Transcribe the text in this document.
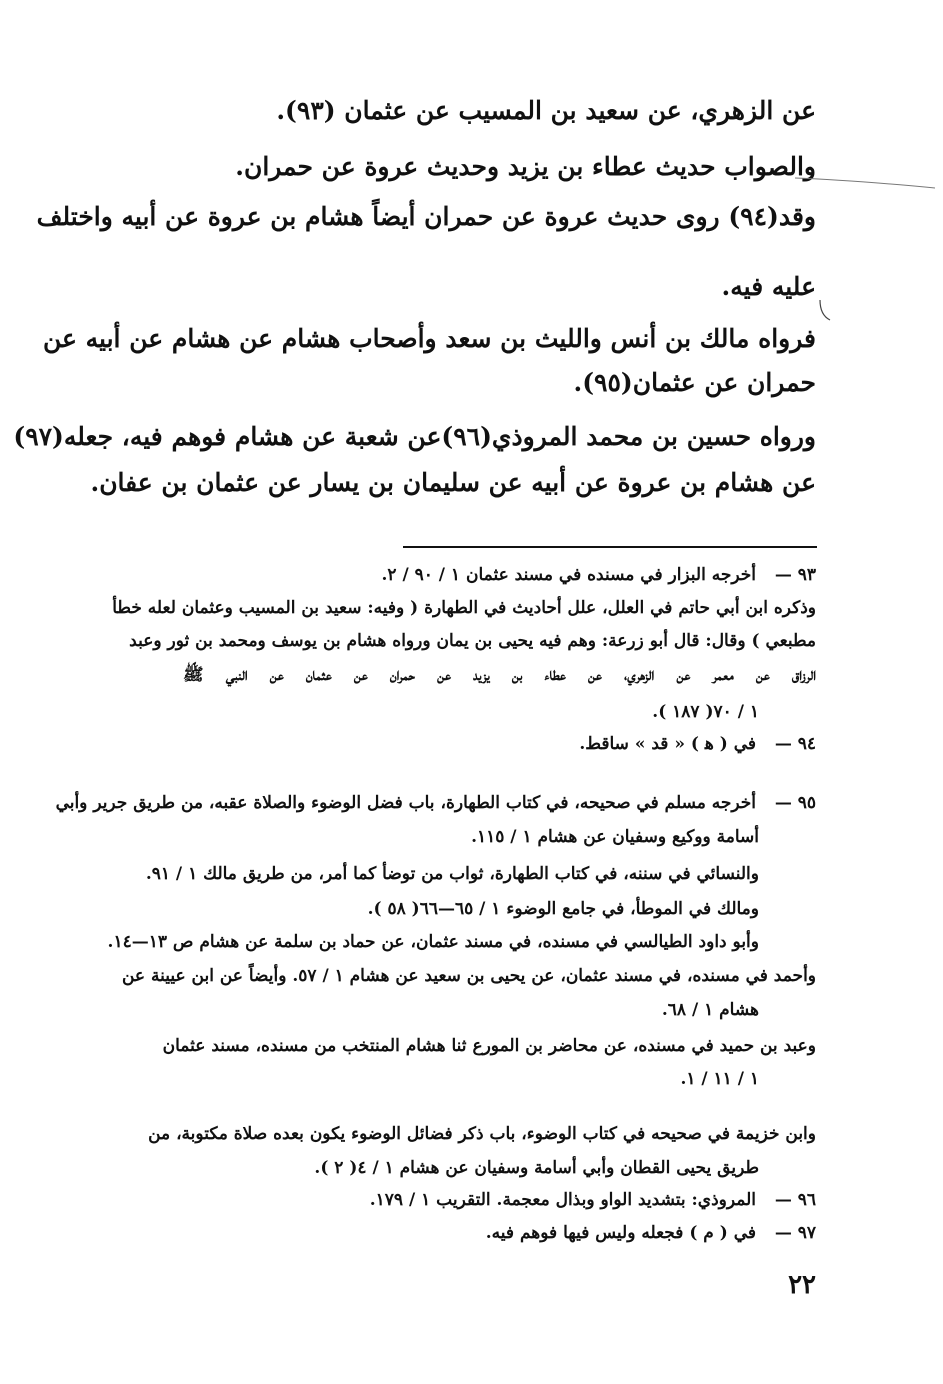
عن الزهري، عن سعيد بن المسيب عن عثمان (٩٣).
والصواب حديث عطاء بن يزيد وحديث عروة عن حمران.
وقد(٩٤) روى حديث عروة عن حمران أيضاً هشام بن عروة عن أبيه واختلف
عليه فيه.
فرواه مالك بن أنس والليث بن سعد وأصحاب هشام عن هشام عن أبيه عن
حمران عن عثمان(٩٥).
ورواه حسين بن محمد المروذي(٩٦)عن شعبة عن هشام فوهم فيه، جعله(٩٧)
عن هشام بن عروة عن أبيه عن سليمان بن يسار عن عثمان بن عفان.
٩٣ —
أخرجه البزار في مسنده في مسند عثمان ١ / ٩٠ / ٢.
وذكره ابن أبي حاتم في العلل، علل أحاديث في الطهارة ( وفيه: سعيد بن المسيب وعثمان لعله خطأ
مطبعي ) وقال: قال أبو زرعة: وهم فيه يحيى بن يمان ورواه هشام بن يوسف ومحمد بن ثور وعبد
الرزاق عن معمر عن الزهري، عن عطاء بن يزيد عن حمران عن عثمان عن النبي ﷺ
١ / ٧٠( ١٨٧ ).
٩٤ —
في ( ﻫ ) « قد » ساقط.
٩٥ —
أخرجه مسلم في صحيحه، في كتاب الطهارة، باب فضل الوضوء والصلاة عقبه، من طريق جرير وأبي
أسامة ووكيع وسفيان عن هشام ١ / ١١٥.
والنسائي في سننه، في كتاب الطهارة، ثواب من توضأ كما أمر، من طريق مالك ١ / ٩١.
ومالك في الموطأ، في جامع الوضوء ١ / ٦٥—٦٦( ٥٨ ).
وأبو داود الطيالسي في مسنده، في مسند عثمان، عن حماد بن سلمة عن هشام ص ١٣—١٤.
وأحمد في مسنده، في مسند عثمان، عن يحيى بن سعيد عن هشام ١ / ٥٧. وأيضاً عن ابن عيينة عن
هشام ١ / ٦٨.
وعبد بن حميد في مسنده، عن محاضر بن المورع ثنا هشام المنتخب من مسنده، مسند عثمان
١ / ١١ / ١.
وابن خزيمة في صحيحه في كتاب الوضوء، باب ذكر فضائل الوضوء يكون بعده صلاة مكتوبة، من
طريق يحيى القطان وأبي أسامة وسفيان عن هشام ١ / ٤( ٢ ).
٩٦ —
المروذي: بتشديد الواو وبذال معجمة. التقريب ١ / ١٧٩.
٩٧ —
في ( م ) فجعله وليس فيها فوهم فيه.
٢٢
